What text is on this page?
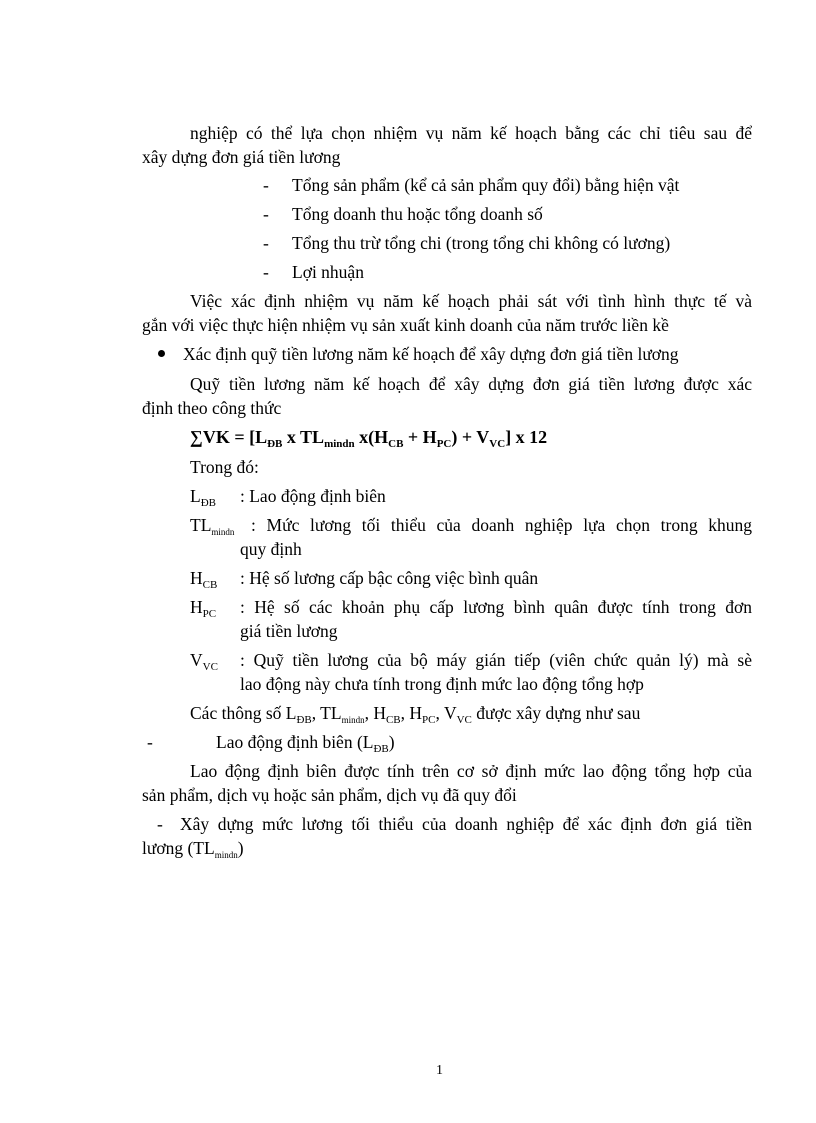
nghiệp có thể lựa chọn nhiệm vụ năm kế hoạch bằng các chỉ tiêu sau để
xây dựng đơn giá tiền lương
- Tổng sản phẩm (kể cả sản phẩm quy đổi) bằng hiện vật
- Tổng doanh thu hoặc tổng doanh số
- Tổng thu trừ tổng chi (trong tổng chi không có lương)
- Lợi nhuận
Việc xác định nhiệm vụ năm kế hoạch phải sát với tình hình thực tế và
gắn với việc thực hiện nhiệm vụ sản xuất kinh doanh của năm trước liền kề
Xác định quỹ tiền lương năm kế hoạch để xây dựng đơn giá tiền lương
Quỹ tiền lương năm kế hoạch để xây dựng đơn giá tiền lương được xác
định theo công thức
$\sum VK = [L_{ĐB}$ x $TL_{mindn}$ $x(H_{CB} + H_{PC}) + V_{VC}$] x 12
Trong đó:
$L_{ĐB}$ : Lao động định biên
$TL_{mindn}$ : Mức lương tối thiểu của doanh nghiệp lựa chọn trong khung
quy định
$H_{CB}$ : Hệ số lương cấp bậc công việc bình quân
$H_{PC}$ : Hệ số các khoản phụ cấp lương bình quân được tính trong đơn
giá tiền lương
$V_{VC}$ : Quỹ tiền lương của bộ máy gián tiếp (viên chức quản lý) mà sè
lao động này chưa tính trong định mức lao động tổng hợp
Các thông số $L_{ĐB}$, $TL_{mindn}$, $H_{CB}$, $H_{PC}$, $V_{VC}$ được xây dựng như sau
-	Lao động định biên $(L_{ĐB})$
Lao động định biên được tính trên cơ sở định mức lao động tổng hợp của
sản phẩm, dịch vụ hoặc sản phẩm, dịch vụ đã quy đổi
- Xây dựng mức lương tối thiểu của doanh nghiệp để xác định đơn giá tiền
lương $(TL_{mindn})$
1
